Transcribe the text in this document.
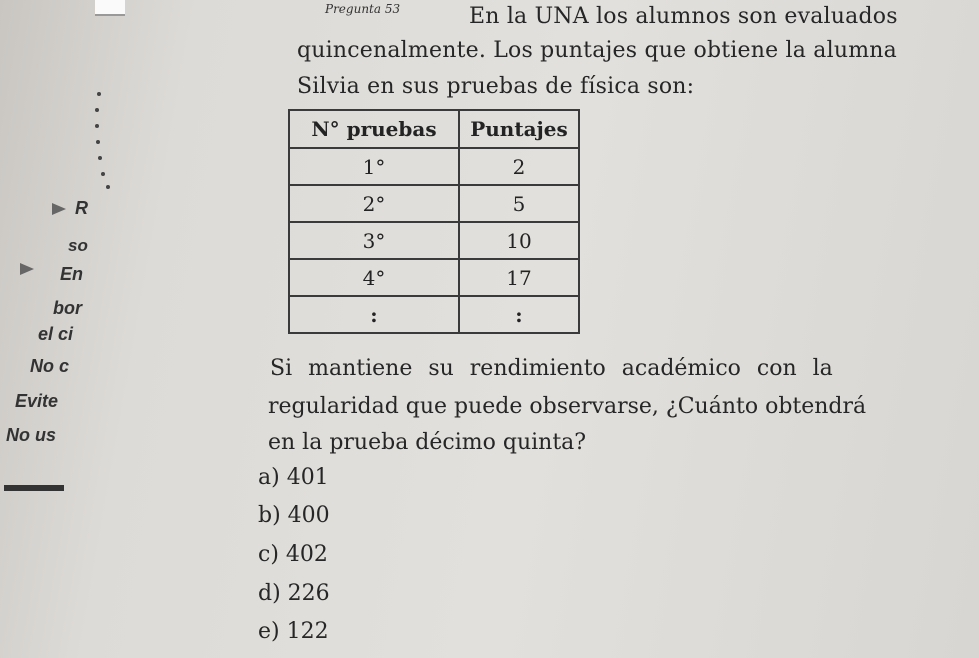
R
so
En
bor
el ci
No c
Evite
No us
Pregunta 53	En la UNA los alumnos son evaluados
quincenalmente. Los puntajes que obtiene la alumna
Silvia en sus pruebas de física son:
N° pruebas	Puntajes
1°	2
2°	5
3°	10
4°	17
:	:
Si mantiene su rendimiento académico con la
regularidad que puede observarse, ¿Cuánto obtendrá
en la prueba décimo quinta?
a) 401
b) 400
c) 402
d) 226
e) 122
